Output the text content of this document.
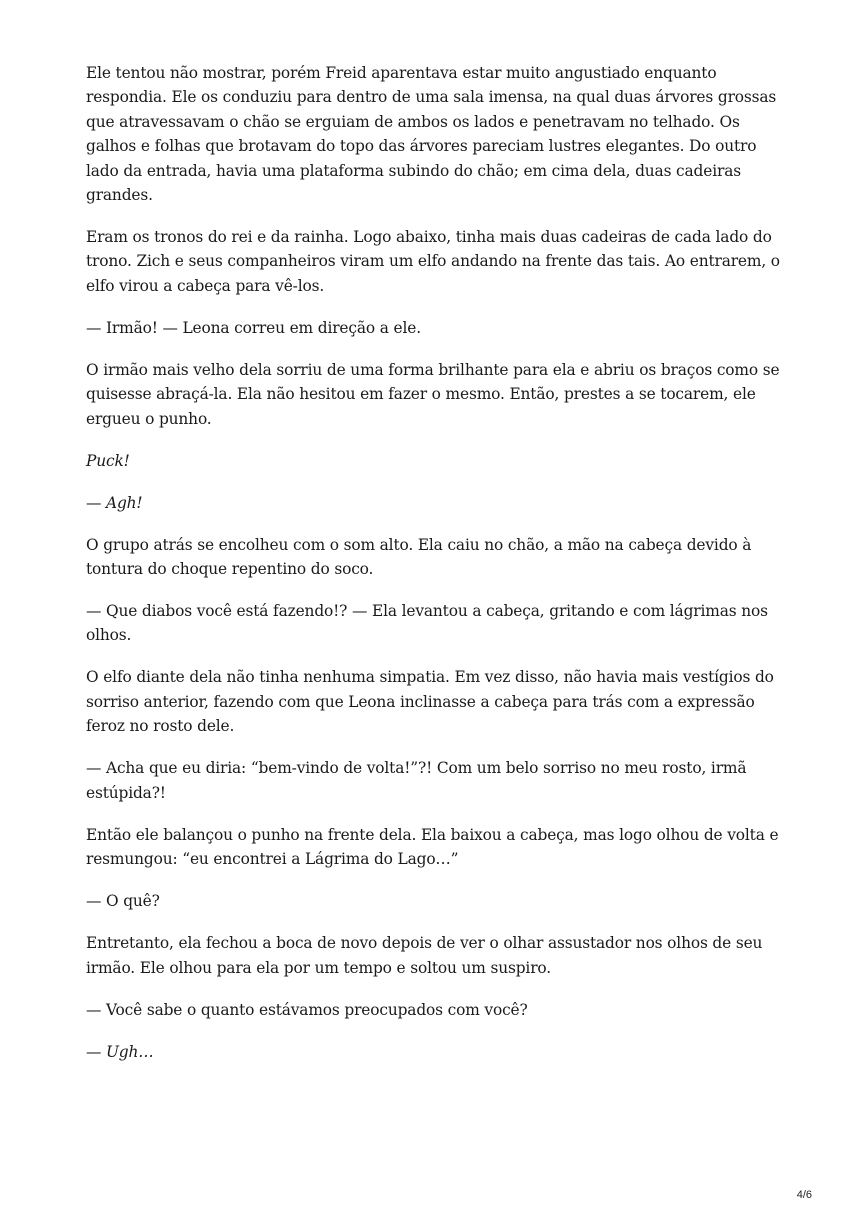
Ele tentou não mostrar, porém Freid aparentava estar muito angustiado enquanto respondia. Ele os conduziu para dentro de uma sala imensa, na qual duas árvores grossas que atravessavam o chão se erguiam de ambos os lados e penetravam no telhado. Os galhos e folhas que brotavam do topo das árvores pareciam lustres elegantes. Do outro lado da entrada, havia uma plataforma subindo do chão; em cima dela, duas cadeiras grandes.

Eram os tronos do rei e da rainha. Logo abaixo, tinha mais duas cadeiras de cada lado do trono. Zich e seus companheiros viram um elfo andando na frente das tais. Ao entrarem, o elfo virou a cabeça para vê-los.

— Irmão! — Leona correu em direção a ele.

O irmão mais velho dela sorriu de uma forma brilhante para ela e abriu os braços como se quisesse abraçá-la. Ela não hesitou em fazer o mesmo. Então, prestes a se tocarem, ele ergueu o punho.

Puck!

— Agh!

O grupo atrás se encolheu com o som alto. Ela caiu no chão, a mão na cabeça devido à tontura do choque repentino do soco.

— Que diabos você está fazendo!? — Ela levantou a cabeça, gritando e com lágrimas nos olhos.

O elfo diante dela não tinha nenhuma simpatia. Em vez disso, não havia mais vestígios do sorriso anterior, fazendo com que Leona inclinasse a cabeça para trás com a expressão feroz no rosto dele.

— Acha que eu diria: “bem-vindo de volta!”?! Com um belo sorriso no meu rosto, irmã estúpida?!

Então ele balançou o punho na frente dela. Ela baixou a cabeça, mas logo olhou de volta e resmungou: “eu encontrei a Lágrima do Lago…”

— O quê?

Entretanto, ela fechou a boca de novo depois de ver o olhar assustador nos olhos de seu irmão. Ele olhou para ela por um tempo e soltou um suspiro.

— Você sabe o quanto estávamos preocupados com você?

— Ugh…

4/6
